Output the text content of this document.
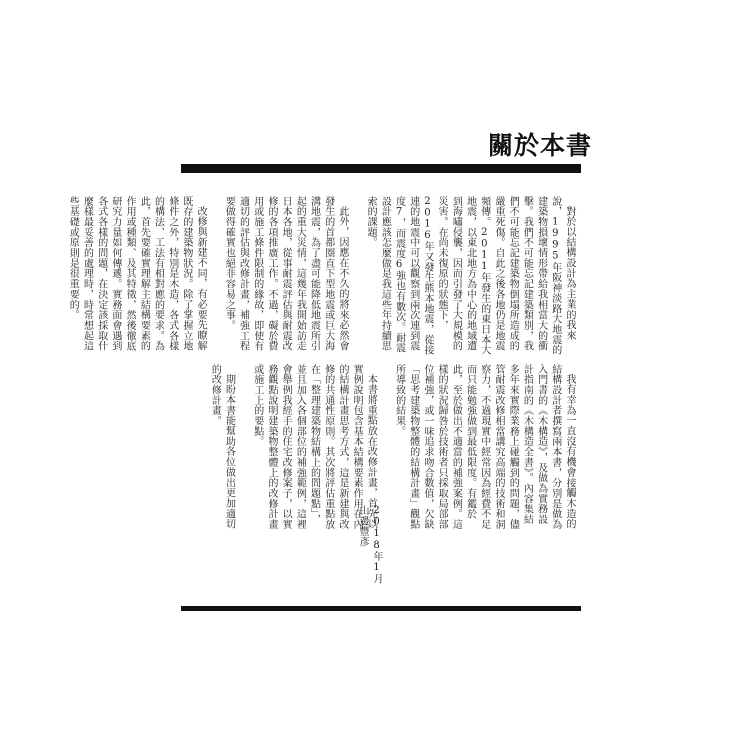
關於本書

對於以結構設計為主業的我來說，1995年阪神淡路大地震的建築物損壞情形帶給我相當大的衝擊。我們不可能忘記建築類別，我們不可能忘記建築物倒塌所造成的嚴重死傷。自此之後各地仍是地震頻傳。2011年發生的東日本大地震，以東北地方為中心的地域遭到海嘯侵襲，因而引發了大規模的災害。在尚未復原的狀態下，2016年又發生熊本地震，從接連的地震中可以觀察到兩次連到震度7，而震度6強也有數次。耐震設計應該怎麼做是我這些年持續思索的課題。

此外，因應在不久的將來必然會發生的首都圈直下型地震或巨大海溝地震，為了盡可能降低地震所引起的重大災情，這幾年我開始訪走日本各地，從事耐震評估與耐震改修的各項推廣工作。不過，礙於費用或施工條件限制的緣故，即使有適切的評估與改修計畫，補強工程要做得確實也絕非容易之事。

改修與新建不同，有必要先瞭解既存的建築物狀況。除了掌握立地條件之外，特別是木造，各式各樣的構法、工法有相對應的要求。為此，首先要確實理解主結構要素的作用或種類、及其特徵，然後徹底研究力量如何傳遞。實務面會遇到各式各樣的問題，在決定該採取什麼樣最妥善的處理時，時常想起這些基礎或原則是很重要的。

我有幸為一直沒有機會接觸木造的結構設計者撰寫兩本書，分別是做為入門書的《木構造》，及做為實務設計指南的《木構造全書》。內容集結多年來實際業務上碰觸到的問題，儘管耐震改修相當講究高端的技術和洞察力，不過現實中經常因為經費不足而只能勉強做到最低限度。有鑑於此，至於做出不適當的補強案例。這樣的狀況歸咎於技術者只採取局部部位補強，或一味追求吻合數值，欠缺「思考建築物整體的結構計畫」觀點所導致的結果。

本書將重點放在改修計畫，首先以實例說明包含基本結構要素作用在內的結構計畫思考方式，這是新建與改修的共通性原則。其次將評估重點放在「整理建築物結構上的問題點」，並且加入各個部位的補強範例，這裡會舉例我經手的住宅改修案子，以實務觀點說明建築物整體上的改修計畫或施工上的要點。

期盼本書能幫助各位做出更加適切的改修計畫。

2018年1月
山邊豐彥
